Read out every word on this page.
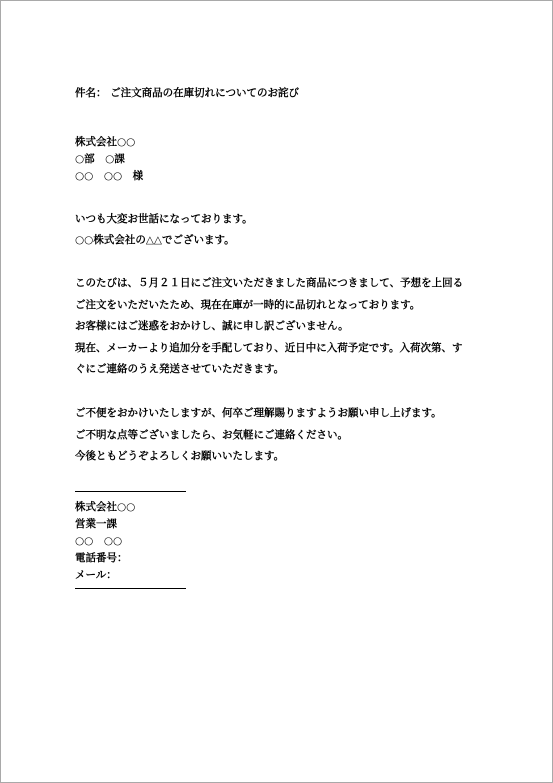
件名： ご注文商品の在庫切れについてのお詫び
株式会社○○
○部　○課
○○　○○　様
いつも大変お世話になっております。
○○株式会社の△△でございます。
このたびは、５月２１日にご注文いただきました商品につきまして、予想を上回る
ご注文をいただいたため、現在在庫が一時的に品切れとなっております。
お客様にはご迷惑をおかけし、誠に申し訳ございません。
現在、メーカーより追加分を手配しており、近日中に入荷予定です。入荷次第、す
ぐにご連絡のうえ発送させていただきます。
ご不便をおかけいたしますが、何卒ご理解賜りますようお願い申し上げます。
ご不明な点等ございましたら、お気軽にご連絡ください。
今後ともどうぞよろしくお願いいたします。
株式会社○○
営業一課
○○　○○
電話番号：
メール：
